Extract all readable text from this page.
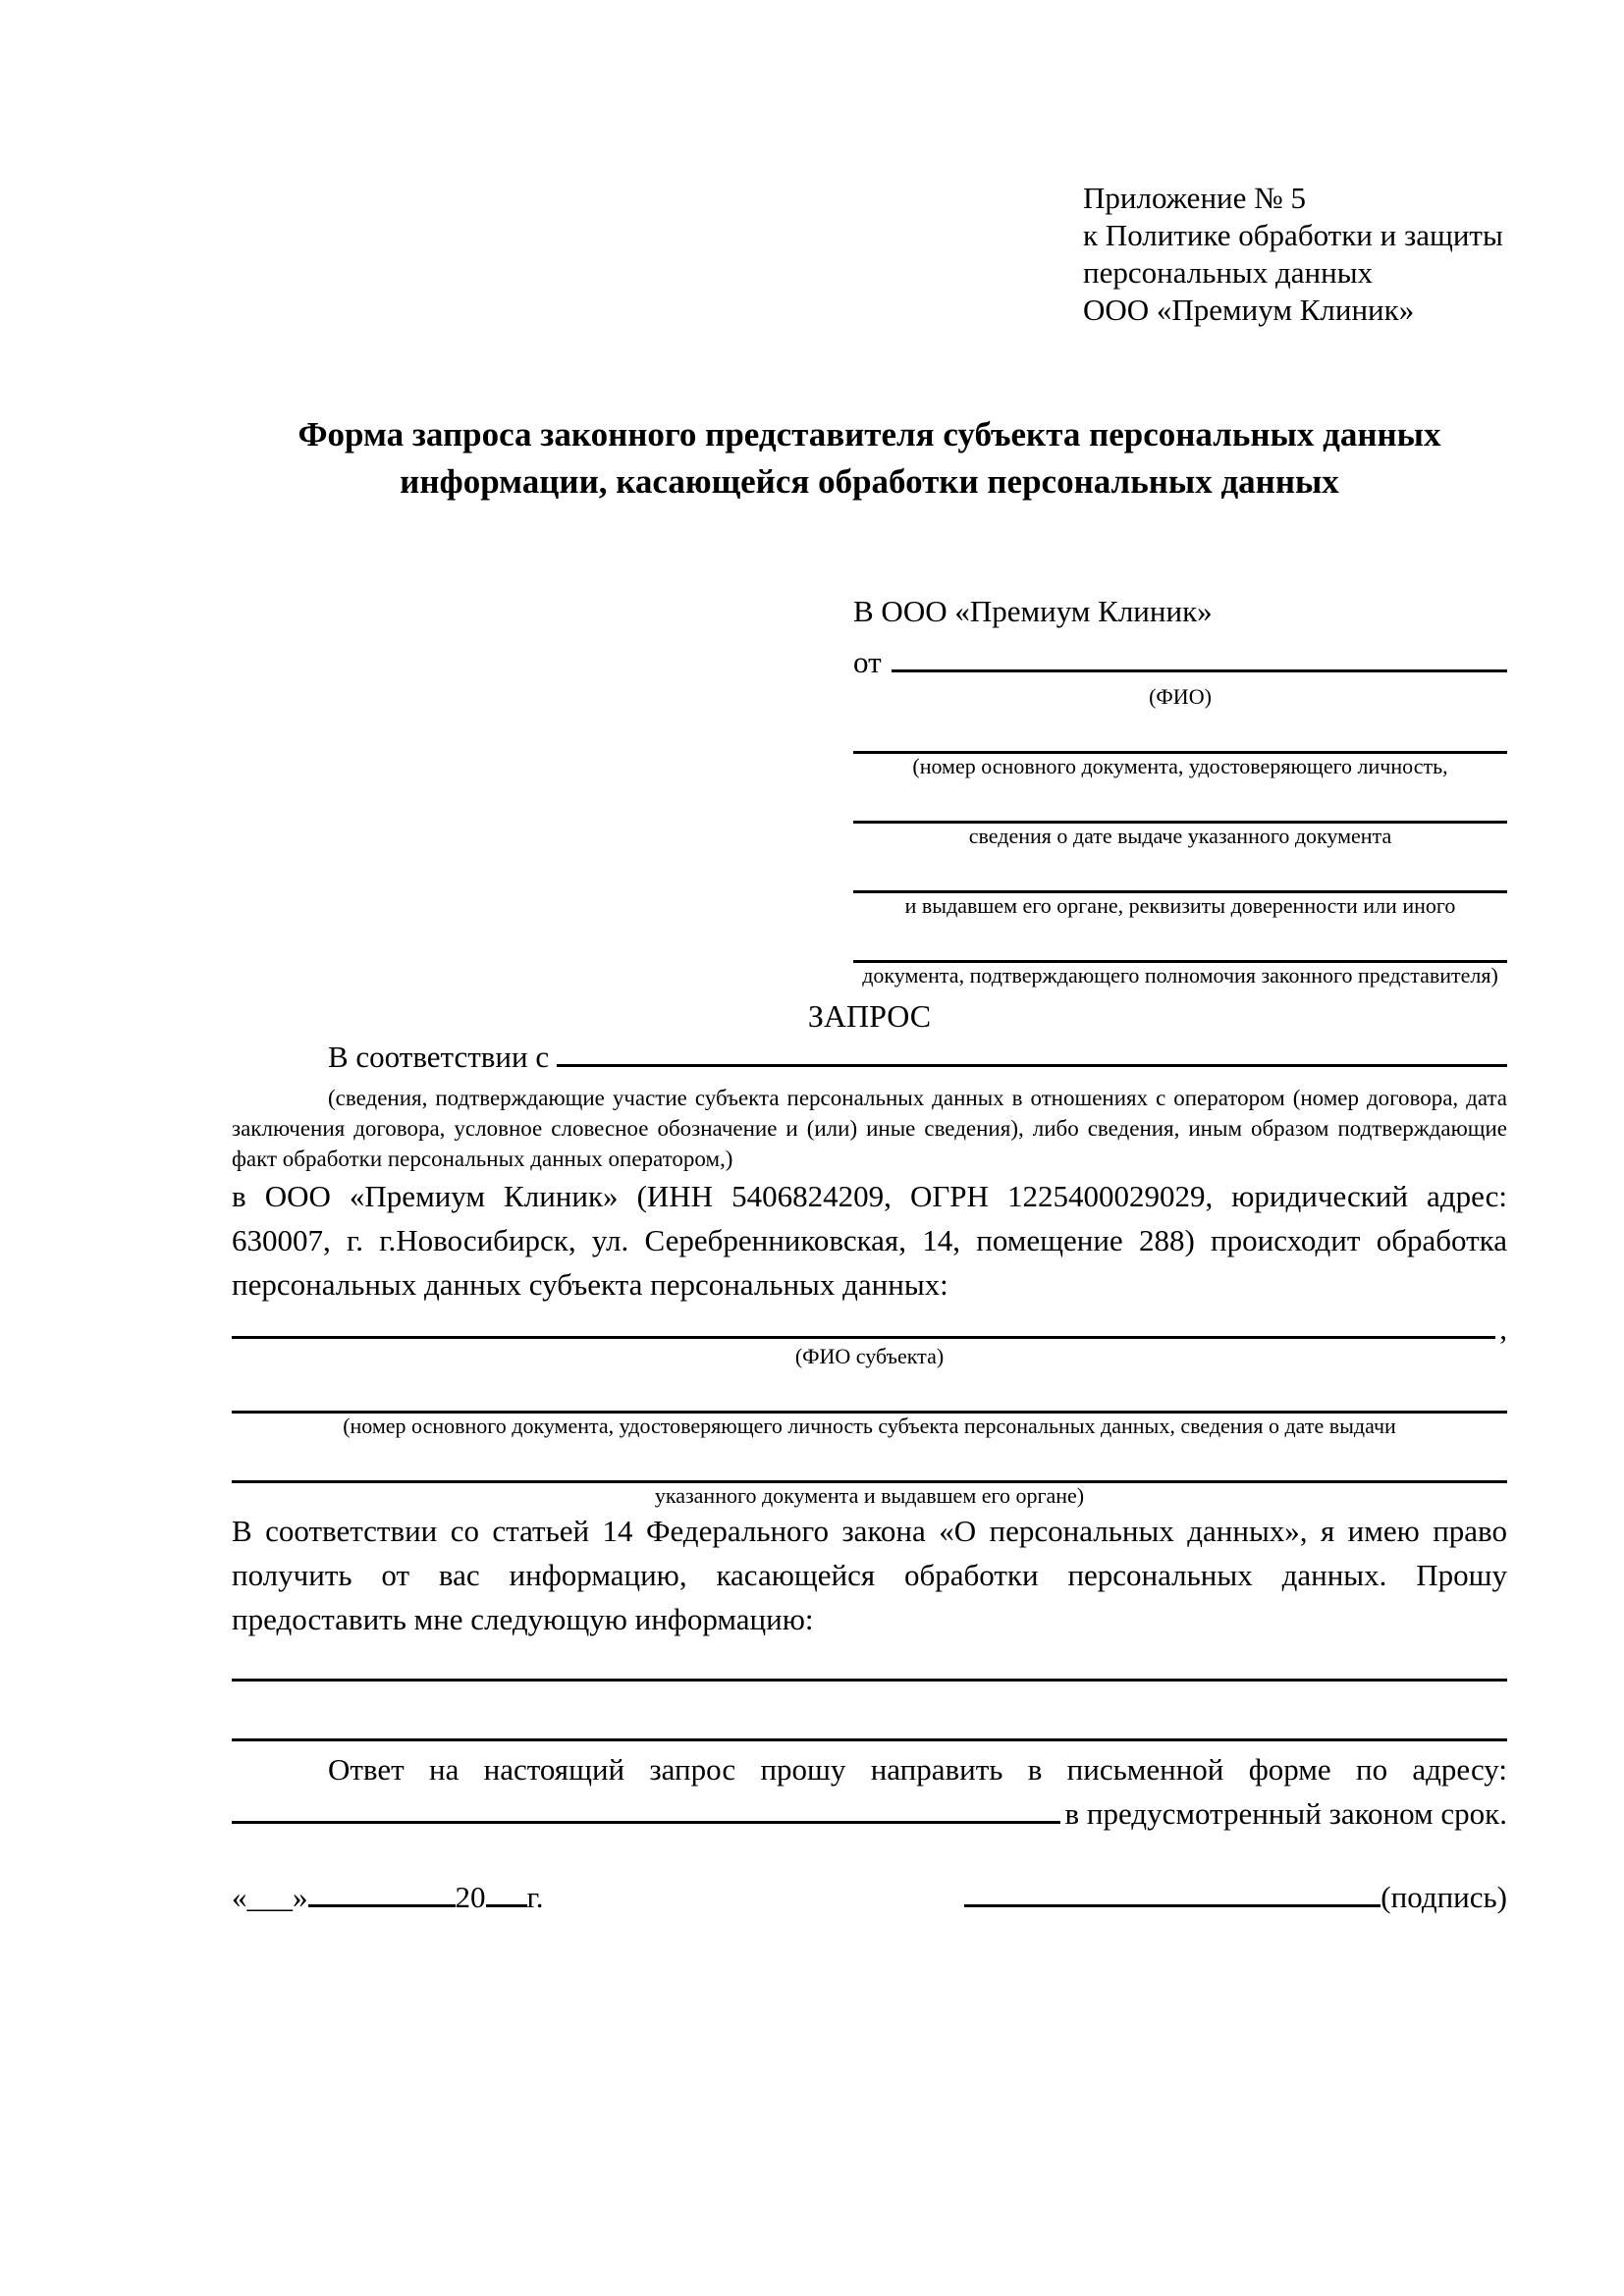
Приложение № 5
к Политике обработки и защиты
персональных данных
ООО «Премиум Клиник»
Форма запроса законного представителя субъекта персональных данных
информации, касающейся обработки персональных данных
В ООО «Премиум Клиник»
от
(ФИО)
(номер основного документа, удостоверяющего личность,
сведения о дате выдаче указанного документа
и выдавшем его органе, реквизиты доверенности или иного
документа, подтверждающего полномочия законного представителя)
ЗАПРОС
В соответствии с
(сведения, подтверждающие участие субъекта персональных данных в отношениях с оператором (номер договора, дата заключения договора, условное словесное обозначение и (или) иные сведения), либо сведения, иным образом подтверждающие факт обработки персональных данных оператором,)

в ООО «Премиум Клиник» (ИНН 5406824209, ОГРН 1225400029029, юридический адрес: 630007, г. г.Новосибирск, ул. Серебренниковская, 14, помещение 288) происходит обработка персональных данных субъекта персональных данных:

,
(ФИО субъекта)
(номер основного документа, удостоверяющего личность субъекта персональных данных, сведения о дате выдачи
указанного документа и выдавшем его органе)

В соответствии со статьей 14 Федерального закона «О персональных данных», я имею право получить от вас информацию, касающейся обработки персональных данных. Прошу предоставить мне следующую информацию:

Ответ на настоящий запрос прошу направить в письменной форме по адресу:

в предусмотренный законом срок.
«___»	20 г.	(подпись)
